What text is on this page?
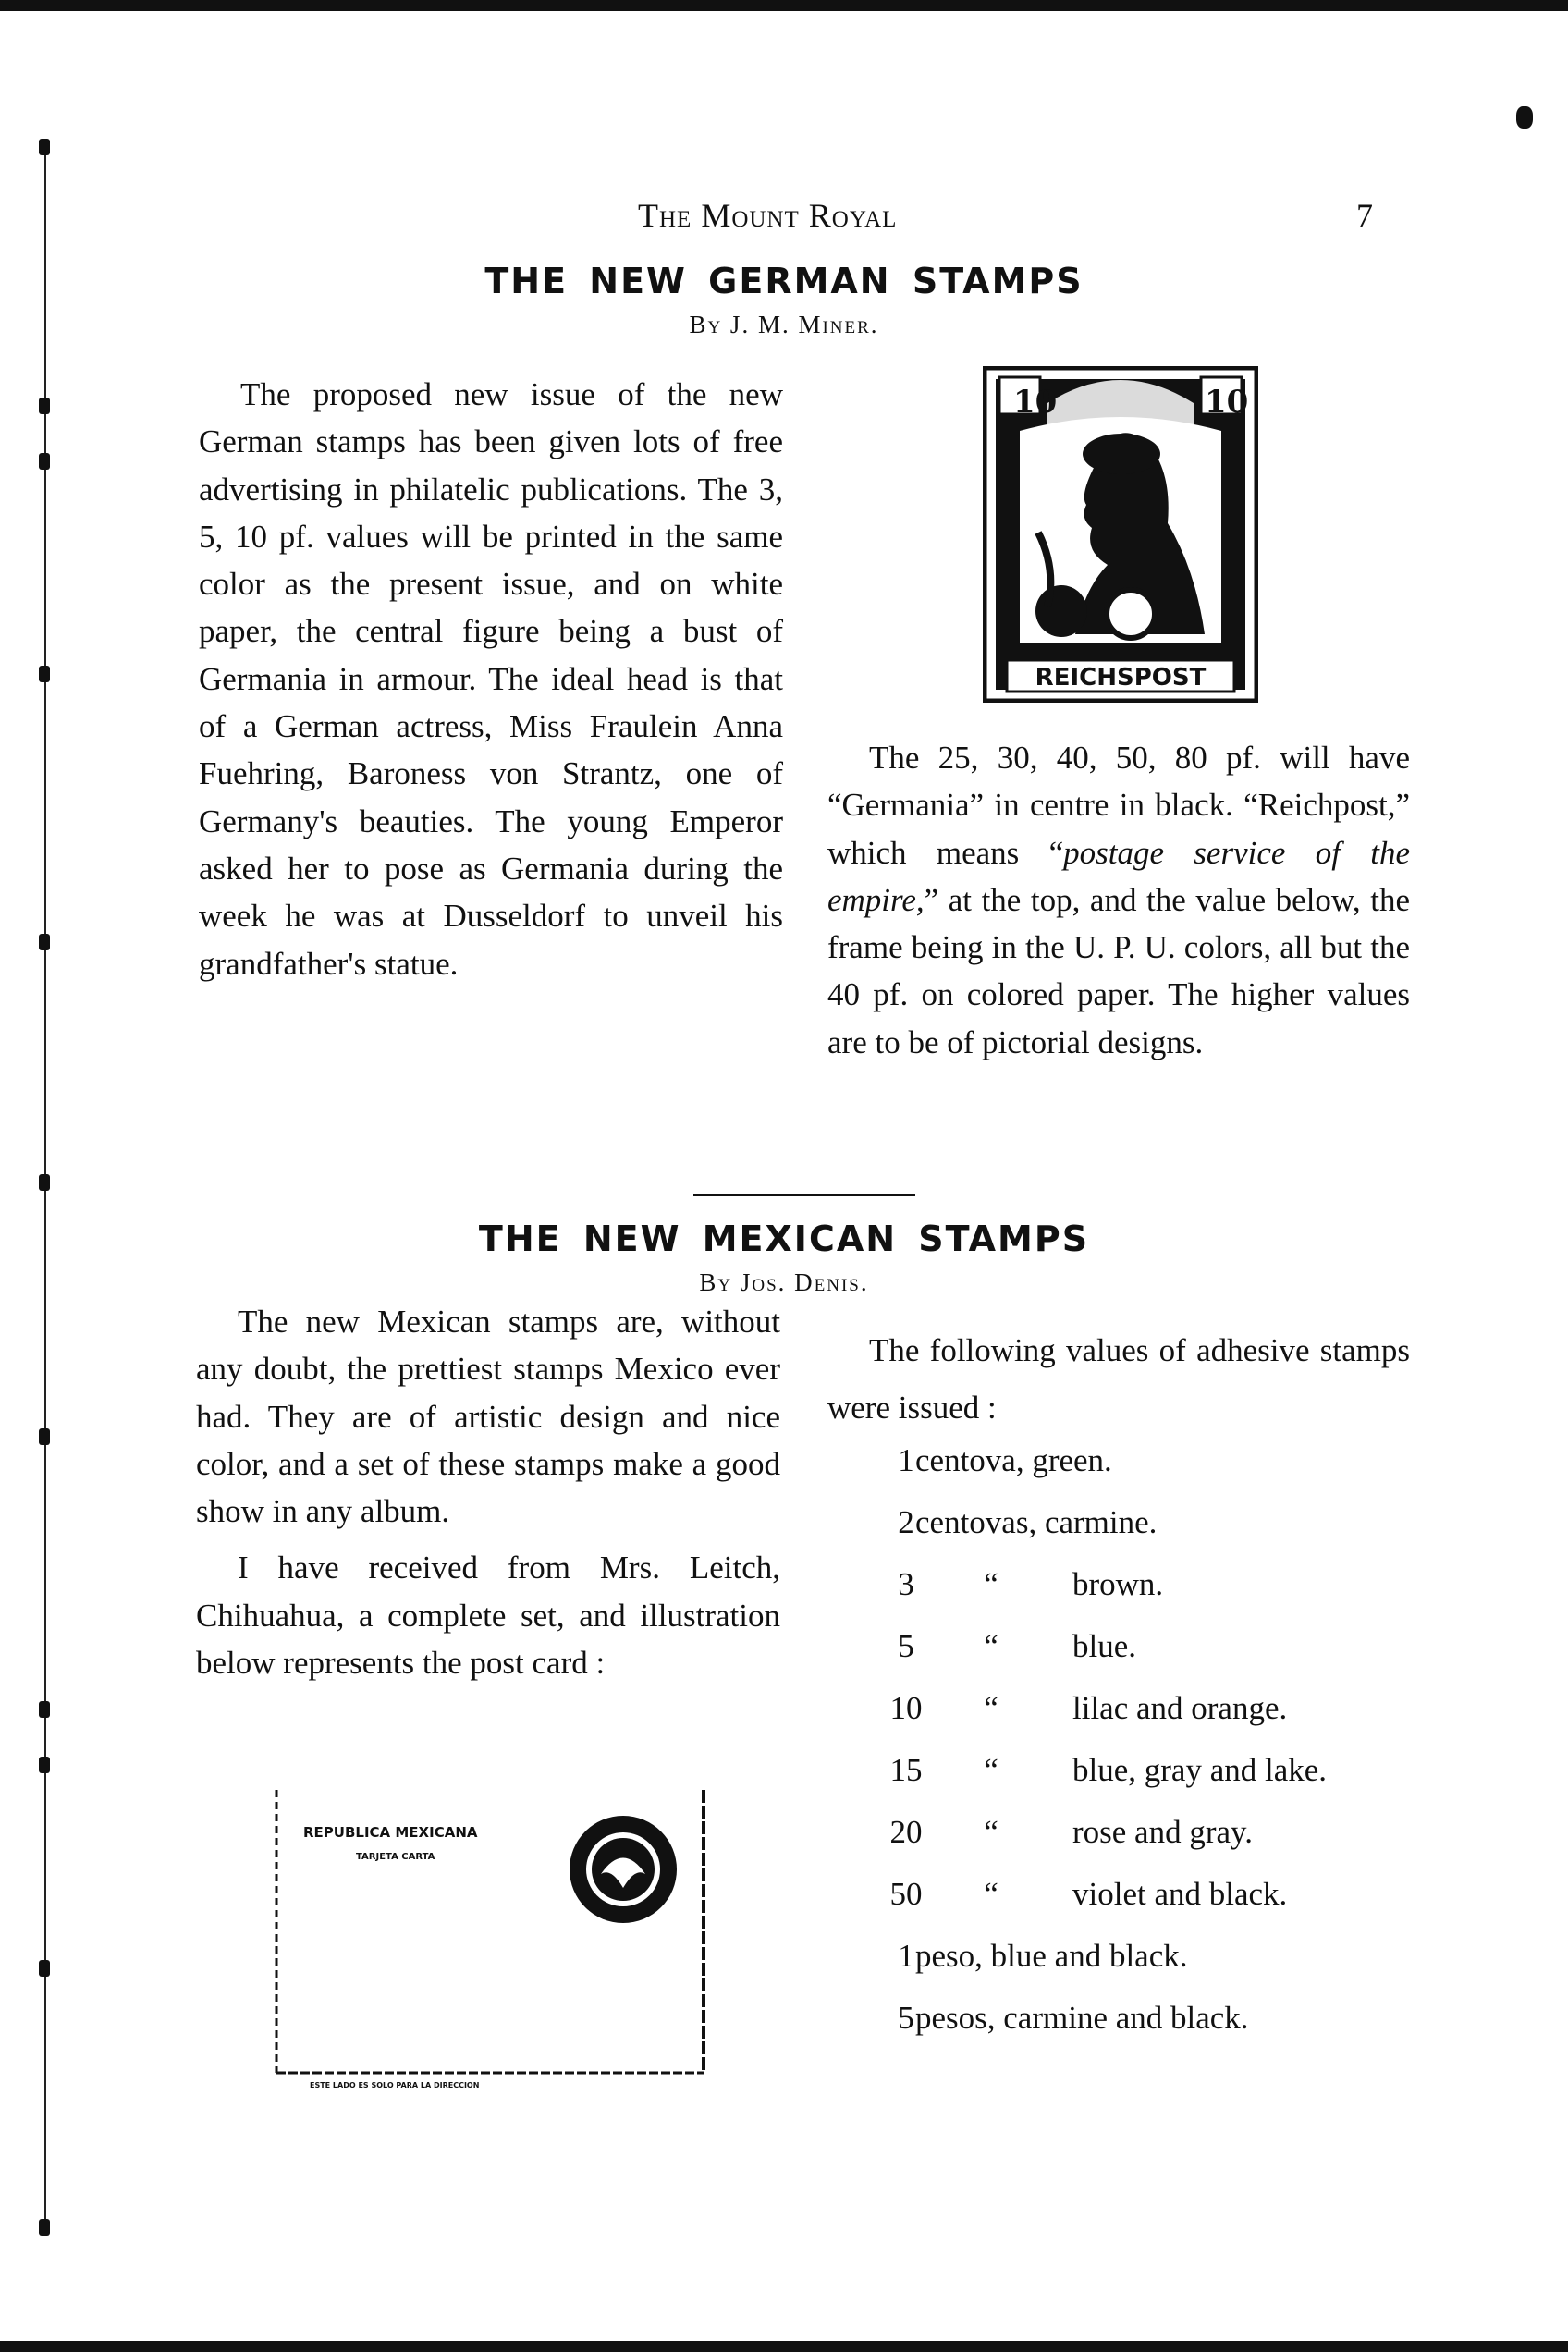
The Mount Royal	7
THE NEW GERMAN STAMPS
By J. M. Miner.

The proposed new issue of the new German stamps has been given lots of free advertising in philatelic publications. The 3, 5, 10 pf. values will be printed in the same color as the present issue, and on white paper, the central figure being a bust of Germania in armour. The ideal head is that of a German actress, Miss Fraulein Anna Fuehring, Baroness von Strantz, one of Germany's beauties. The young Emperor asked her to pose as Germania during the week he was at Dusseldorf to unveil his grandfather's statue.

10	10
REICHSPOST

The 25, 30, 40, 50, 80 pf. will have “Germania” in centre in black. “Reichpost,” which means “postage service of the empire,” at the top, and the value below, the frame being in the U. P. U. colors, all but the 40 pf. on colored paper. The higher values are to be of pictorial designs.

THE NEW MEXICAN STAMPS
By Jos. Denis.

The new Mexican stamps are, without any doubt, the prettiest stamps Mexico ever had. They are of artistic design and nice color, and a set of these stamps make a good show in any album.

I have received from Mrs. Leitch, Chihuahua, a complete set, and illustration below represents the post card :

The following values of adhesive stamps were issued :

1 centova, green.
2 centovas, carmine.
3	“ brown.
5	“ blue.
10	“ lilac and orange.
15	“ blue, gray and lake.
20	“ rose and gray.
50	“ violet and black.
1 peso, blue and black.
5 pesos, carmine and black.
REPUBLICA MEXICANA
TARJETA CARTA
ESTE LADO ES SOLO PARA LA DIRECCION
